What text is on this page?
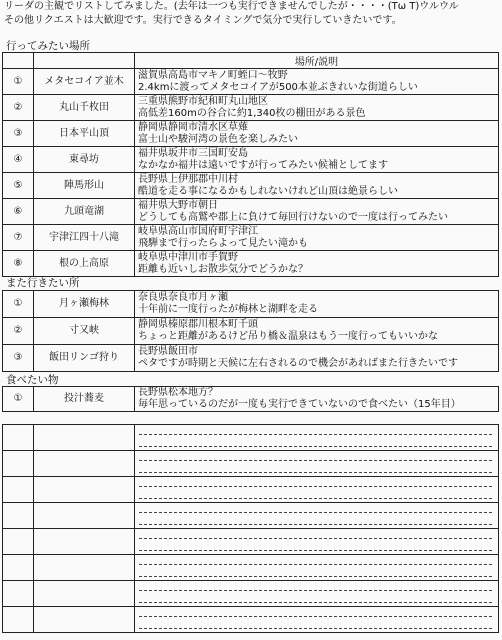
リーダの主観でリストしてみました。(去年は一つも実行できませんでしたが・・・・(Tω T)ウルウル
その他リクエストは大歓迎です。実行できるタイミングで気分で実行していきたいです。
行ってみたい場所
		場所/説明
①	メタセコイア並木	滋賀県高島市マキノ町蛭口～牧野
2.4kmに渡ってメタセコイアが500本並ぶきれいな街道らしい

②	丸山千枚田	三重県熊野市紀和町丸山地区
高低差160mの谷合に約1,340枚の棚田がある景色

③	日本平山頂	静岡県静岡市清水区草薙
富士山や駿河湾の景色を楽しみたい

④	東尋坊	福井県坂井市三国町安島
なかなか福井は遠いですが行ってみたい候補としてます

⑤	陣馬形山	長野県上伊那郡中川村
酷道を走る事になるかもしれないけれど山頂は絶景らしい

⑥	九頭竜湖	福井県大野市朝日
どうしても高鷲や郡上に負けて毎回行けないので一度は行ってみたい

⑦	宇津江四十八滝	岐阜県高山市国府町宇津江
飛騨まで行ったらよって見たい滝かも

⑧	根の上高原	岐阜県中津川市手賀野
距離も近いしお散歩気分でどうかな？
また行きたい所
①	月ヶ瀬梅林	奈良県奈良市月ヶ瀬
十年前に一度行ったが梅林と湖畔を走る

②	寸又峡	静岡県榛原郡川根本町千頭
ちょっと距離があるけど吊り橋＆温泉はもう一度行ってもいいかな

③	飯田リンゴ狩り	長野県飯田市
ペタですが時期と天候に左右されるので機会があればまた行きたいです
食べたい物
①	投汁蕎麦	
長野県松本地方？
毎年思っているのだが一度も実行できていないので食べたい（15年目）
